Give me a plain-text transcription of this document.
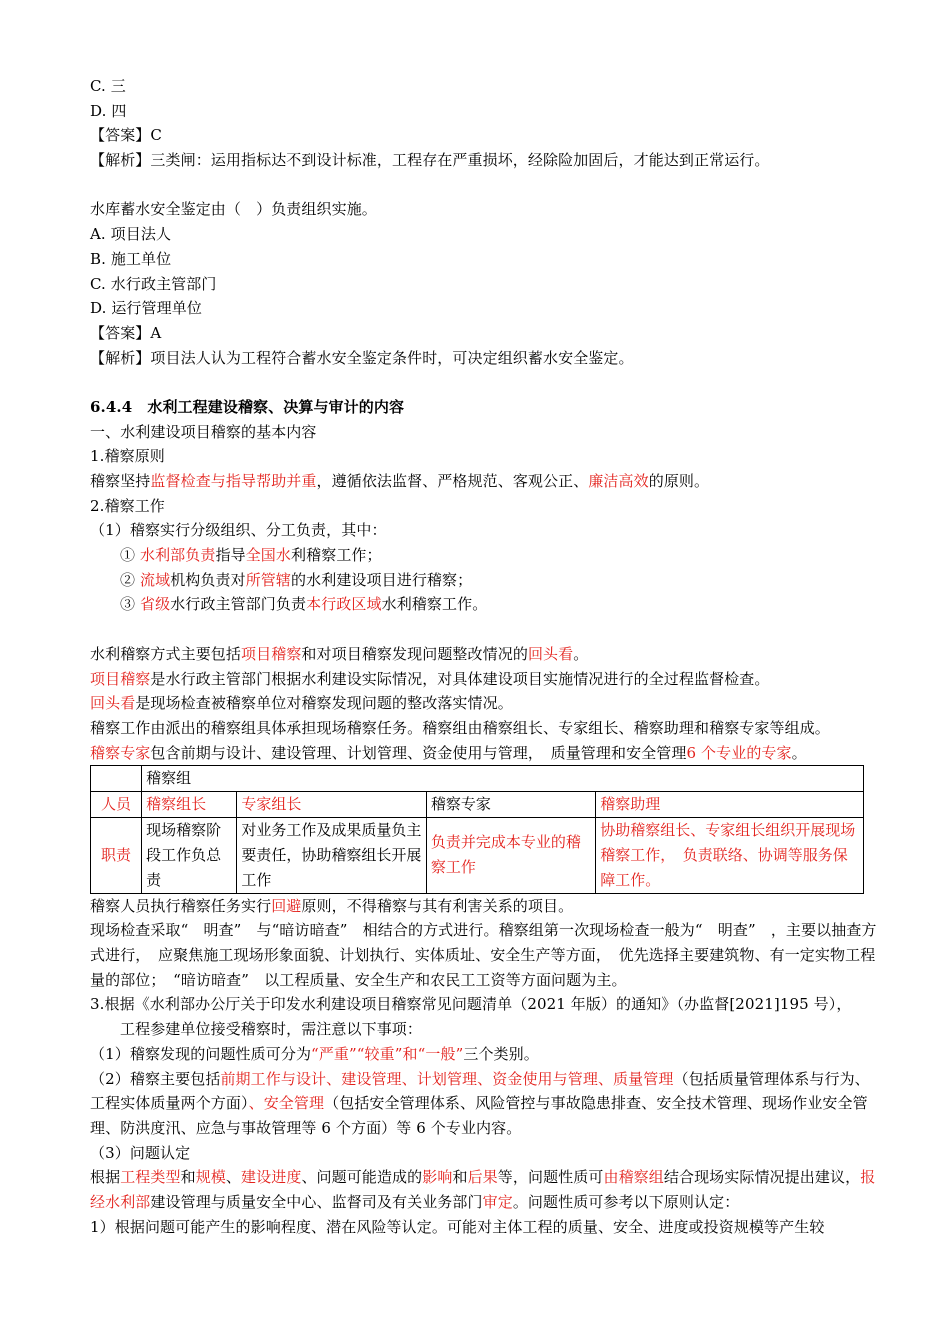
C. 三
D. 四
【答案】C
【解析】三类闸：运用指标达不到设计标准，工程存在严重损坏，经除险加固后，才能达到正常运行。
水库蓄水安全鉴定由（　）负责组织实施。
A. 项目法人
B. 施工单位
C. 水行政主管部门
D. 运行管理单位
【答案】A
【解析】项目法人认为工程符合蓄水安全鉴定条件时，可决定组织蓄水安全鉴定。
6.4.4　水利工程建设稽察、决算与审计的内容
一、水利建设项目稽察的基本内容
1.稽察原则
稽察坚持监督检查与指导帮助并重，遵循依法监督、严格规范、客观公正、廉洁高效的原则。
2.稽察工作
（1）稽察实行分级组织、分工负责，其中：
① 水利部负责指导全国水利稽察工作；
② 流域机构负责对所管辖的水利建设项目进行稽察；
③ 省级水行政主管部门负责本行政区域水利稽察工作。
水利稽察方式主要包括项目稽察和对项目稽察发现问题整改情况的回头看。
项目稽察是水行政主管部门根据水利建设实际情况，对具体建设项目实施情况进行的全过程监督检查。
回头看是现场检查被稽察单位对稽察发现问题的整改落实情况。
稽察工作由派出的稽察组具体承担现场稽察任务。稽察组由稽察组长、专家组长、稽察助理和稽察专家等组成。
稽察专家包含前期与设计、建设管理、计划管理、资金使用与管理，　质量管理和安全管理6 个专业的专家。
	稽察组			
人员	稽察组长	专家组长	稽察专家	稽察助理
职责	现场稽察阶段工作负总责	对业务工作及成果质量负主要责任，协助稽察组长开展工作	负责并完成本专业的稽察工作	协助稽察组长、专家组长组织开展现场稽察工作，　负责联络、协调等服务保障工作。
稽察人员执行稽察任务实行回避原则，不得稽察与其有利害关系的项目。
现场检查采取“　明查”　与“暗访暗查”　相结合的方式进行。稽察组第一次现场检查一般为“　明查”　，主要以抽查方式进行，　应聚焦施工现场形象面貌、计划执行、实体质址、安全生产等方面，　优先选择主要建筑物、有一定实物工程量的部位；　“暗访暗查”　以工程质量、安全生产和农民工工资等方面问题为主。
3.根据《水利部办公厅关于印发水利建设项目稽察常见问题清单（2021 年版）的通知》（办监督[2021]195 号），
工程参建单位接受稽察时，需注意以下事项：
（1）稽察发现的问题性质可分为“严重”“较重”和“一般”三个类别。
（2）稽察主要包括前期工作与设计、建设管理、计划管理、资金使用与管理、质量管理（包括质量管理体系与行为、工程实体质量两个方面）、安全管理（包括安全管理体系、风险管控与事故隐患排查、安全技术管理、现场作业安全管理、防洪度汛、应急与事故管理等 6 个方面）等 6 个专业内容。
（3）问题认定
根据工程类型和规模、建设进度、问题可能造成的影响和后果等，问题性质可由稽察组结合现场实际情况提出建议，报经水利部建设管理与质量安全中心、监督司及有关业务部门审定。问题性质可参考以下原则认定：
1）根据问题可能产生的影响程度、潜在风险等认定。可能对主体工程的质量、安全、进度或投资规模等产生较
